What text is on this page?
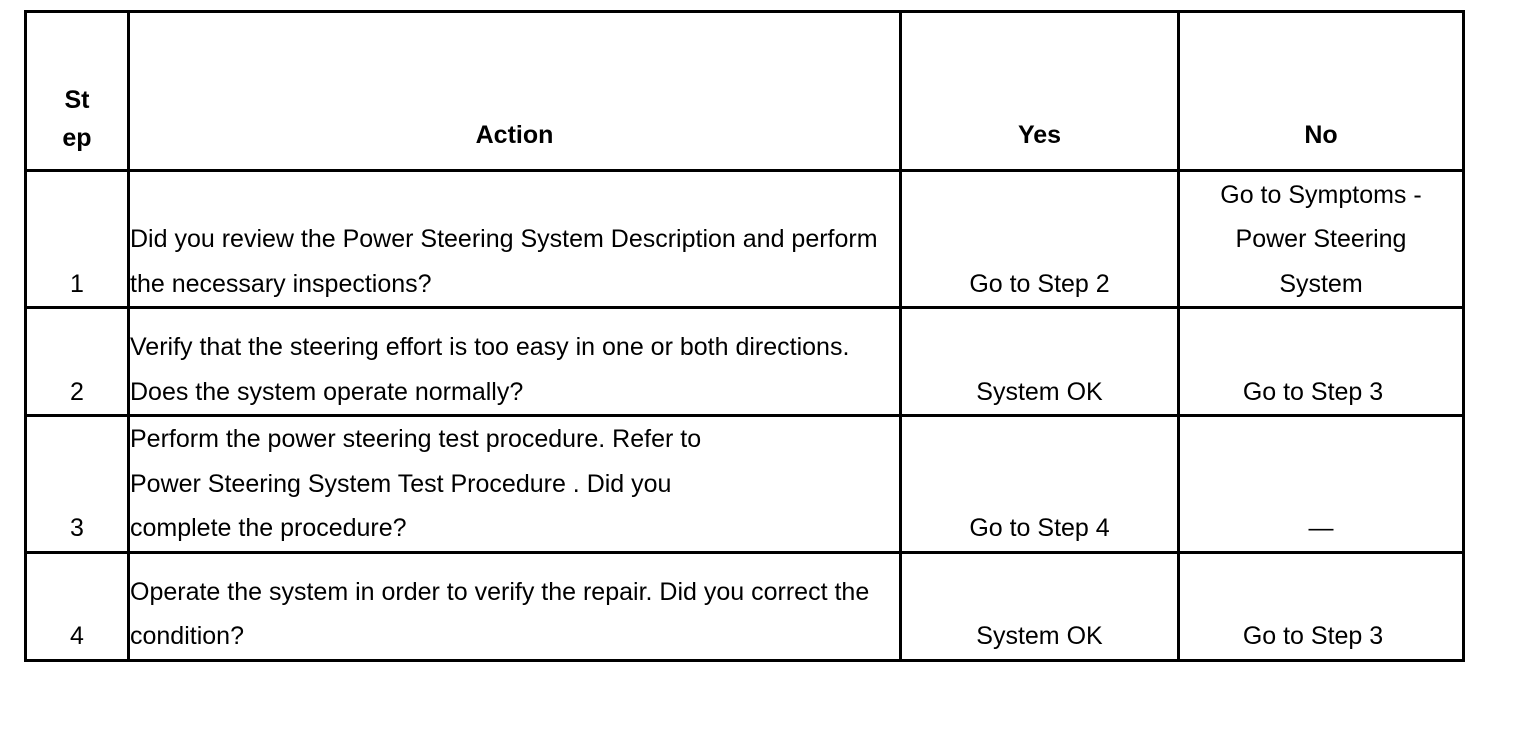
St
ep	Action	Yes	No
1	Did you review the Power Steering System Description and perform the necessary inspections?	Go to Step 2	Go to Symptoms - Power Steering System
2	Verify that the steering effort is too easy in one or both directions. Does the system operate normally?	System OK	Go to Step 3
3	Perform the power steering test procedure. Refer to Power Steering System Test Procedure . Did you complete the procedure?	Go to Step 4	—
4	Operate the system in order to verify the repair. Did you correct the condition?	System OK	Go to Step 3
